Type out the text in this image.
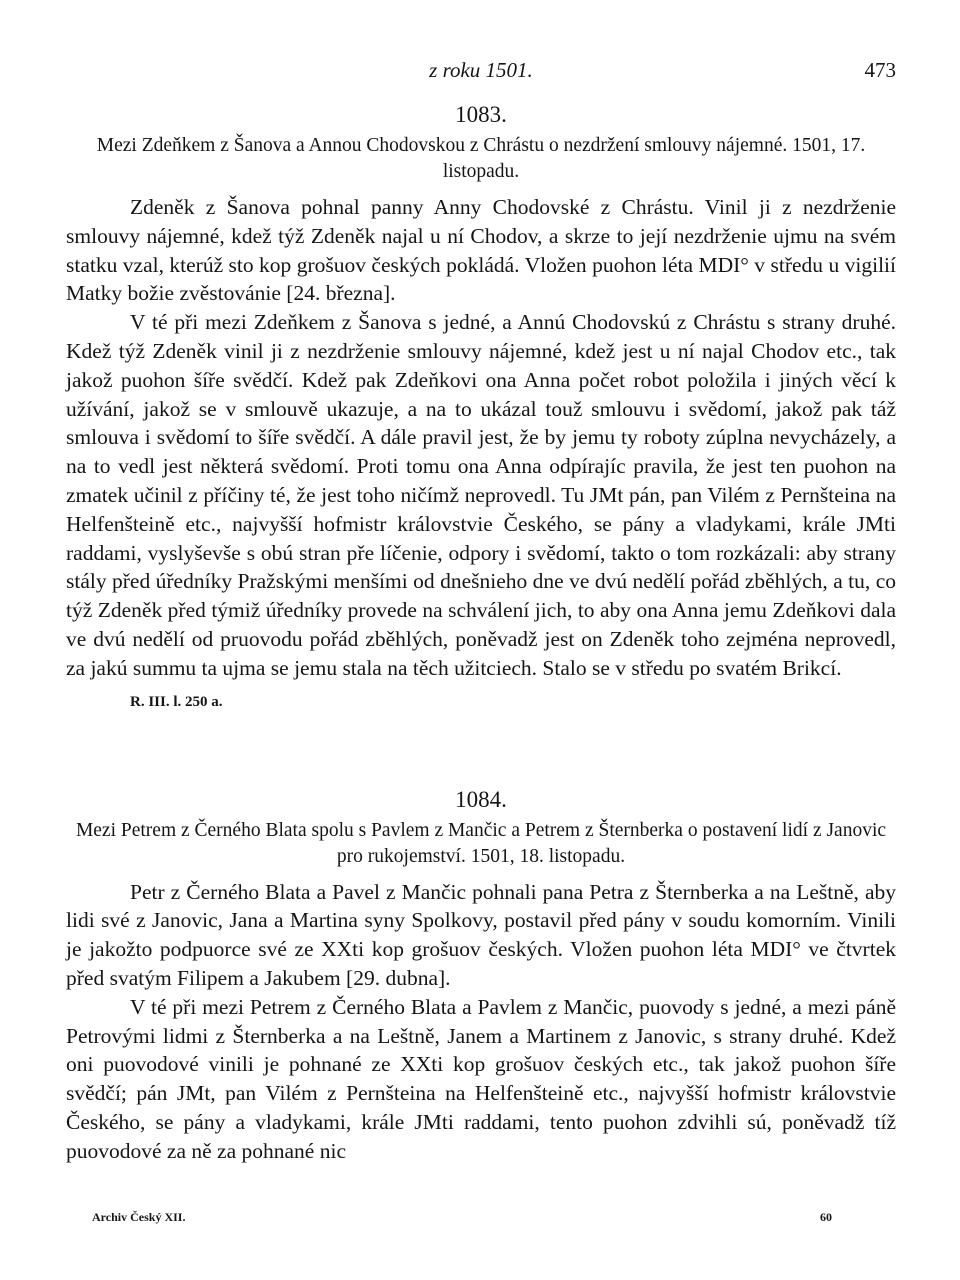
z roku 1501.	473
1083.
Mezi Zdeňkem z Šanova a Annou Chodovskou z Chrástu o nezdržení smlouvy nájemné. 1501, 17. listopadu.

Zdeněk z Šanova pohnal panny Anny Chodovské z Chrástu. Vinil ji z nezdrženie smlouvy nájemné, kdež týž Zdeněk najal u ní Chodov, a skrze to její nezdrženie ujmu na svém statku vzal, kterúž sto kop grošuov českých pokládá. Vložen puohon léta MDI° v středu u vigilií Matky božie zvěstovánie [24. března].

V té při mezi Zdeňkem z Šanova s jedné, a Annú Chodovskú z Chrástu s strany druhé. Kdež týž Zdeněk vinil ji z nezdrženie smlouvy nájemné, kdež jest u ní najal Chodov etc., tak jakož puohon šíře svědčí. Kdež pak Zdeňkovi ona Anna počet robot položila i jiných věcí k užívání, jakož se v smlouvě ukazuje, a na to ukázal touž smlouvu i svědomí, jakož pak táž smlouva i svědomí to šíře svědčí. A dále pravil jest, že by jemu ty roboty zúplna nevycházely, a na to vedl jest některá svědomí. Proti tomu ona Anna odpírajíc pravila, že jest ten puohon na zmatek učinil z příčiny té, že jest toho ničímž neprovedl. Tu JMt pán, pan Vilém z Pernšteina na Helfenšteině etc., najvyšší hofmistr královstvie Českého, se pány a vladykami, krále JMti raddami, vyslyševše s obú stran pře líčenie, odpory i svědomí, takto o tom rozkázali: aby strany stály před úředníky Pražskými menšími od dnešnieho dne ve dvú nedělí pořád zběhlých, a tu, co týž Zdeněk před týmiž úředníky provede na schválení jich, to aby ona Anna jemu Zdeňkovi dala ve dvú nedělí od pruovodu pořád zběhlých, poněvadž jest on Zdeněk toho zejména neprovedl, za jakú summu ta ujma se jemu stala na těch užitciech. Stalo se v středu po svatém Brikcí.

R. III. l. 250 a.
1084.
Mezi Petrem z Černého Blata spolu s Pavlem z Mančic a Petrem z Šternberka o postavení lidí z Janovic pro rukojemství. 1501, 18. listopadu.

Petr z Černého Blata a Pavel z Mančic pohnali pana Petra z Šternberka a na Leštně, aby lidi své z Janovic, Jana a Martina syny Spolkovy, postavil před pány v soudu komorním. Vinili je jakožto podpuorce své ze XXti kop grošuov českých. Vložen puohon léta MDI° ve čtvrtek před svatým Filipem a Jakubem [29. dubna].

V té při mezi Petrem z Černého Blata a Pavlem z Mančic, puovody s jedné, a mezi páně Petrovými lidmi z Šternberka a na Leštně, Janem a Martinem z Janovic, s strany druhé. Kdež oni puovodové vinili je pohnané ze XXti kop grošuov českých etc., tak jakož puohon šíře svědčí; pán JMt, pan Vilém z Pernšteina na Helfenšteině etc., najvyšší hofmistr královstvie Českého, se pány a vladykami, krále JMti raddami, tento puohon zdvihli sú, poněvadž tíž puovodové za ně za pohnané nic

Archiv Český XII.	60
